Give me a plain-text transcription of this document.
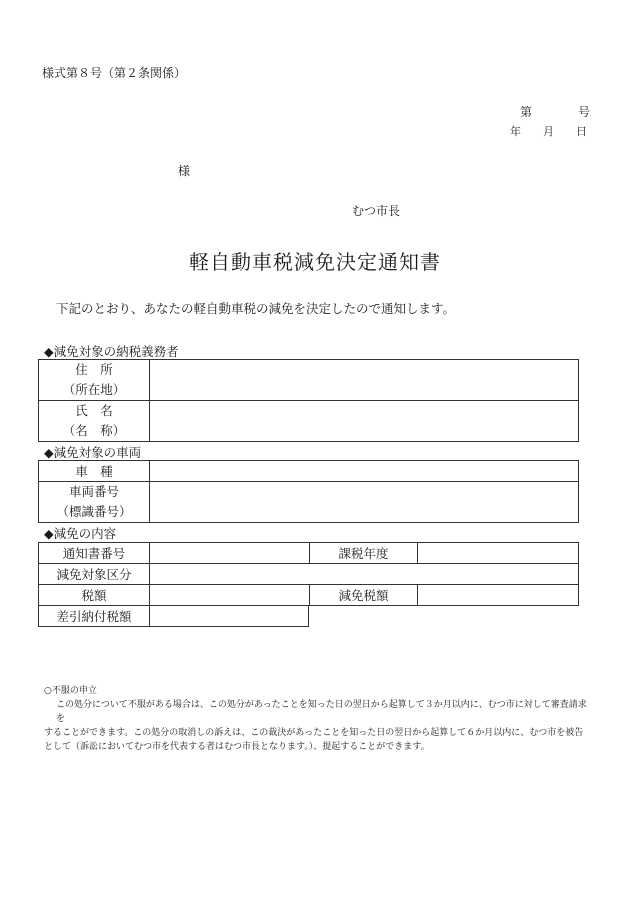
様式第８号（第２条関係）
第	号
年 月 日
様
むつ市長
軽自動車税減免決定通知書
下記のとおり、あなたの軽自動車税の減免を決定したので通知します。
◆減免対象の納税義務者
住　所
（所在地）	

氏　名
（名　称）	

◆減免対象の車両
車　種	

車両番号
（標識番号）	

◆減免の内容
通知書番号		課税年度	
減免対象区分			
税額		減免税額	
差引納付税額	
○不服の申立
この処分について不服がある場合は、この処分があったことを知った日の翌日から起算して３か月以内に、むつ市に対して審査請求を
することができます。この処分の取消しの訴えは、この裁決があったことを知った日の翌日から起算して６か月以内に、むつ市を被告
として（訴訟においてむつ市を代表する者はむつ市長となります。）、提起することができます。
